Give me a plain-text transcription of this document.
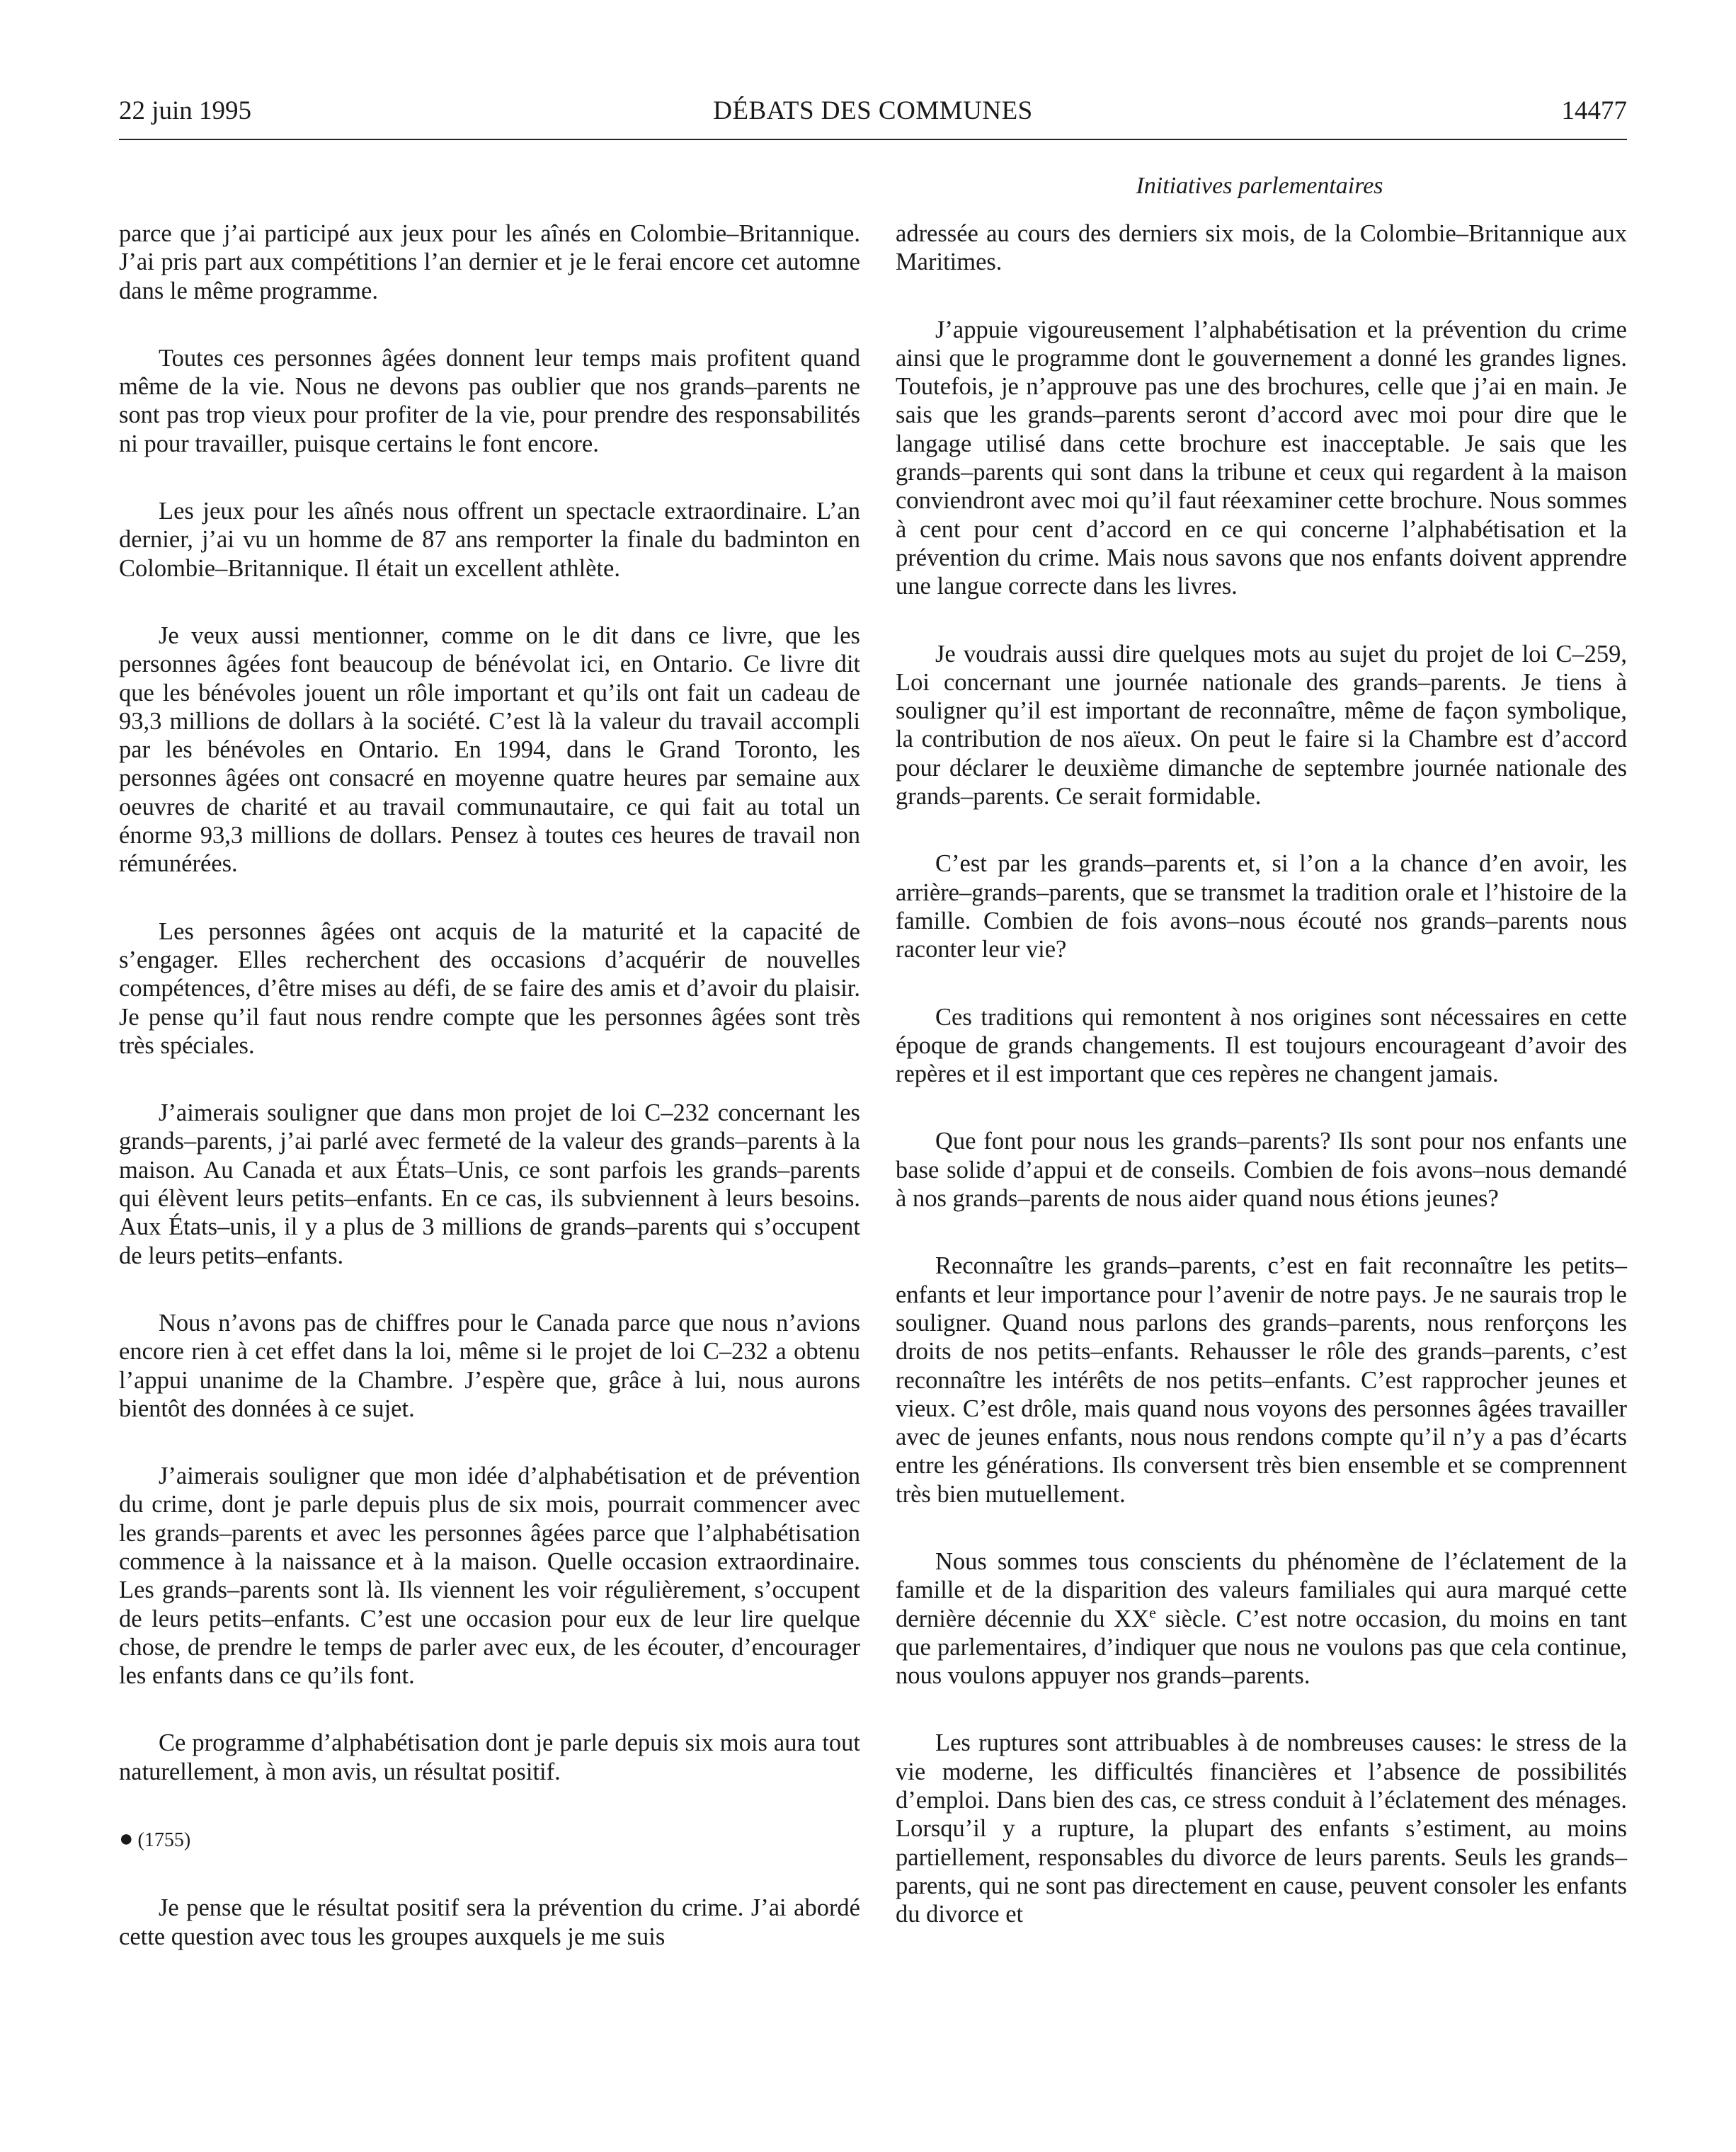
22 juin 1995	DÉBATS DES COMMUNES	14477
Initiatives parlementaires

parce que j’ai participé aux jeux pour les aînés en Colombie–Britannique. J’ai pris part aux compétitions l’an dernier et je le ferai encore cet automne dans le même programme.

Toutes ces personnes âgées donnent leur temps mais profitent quand même de la vie. Nous ne devons pas oublier que nos grands–parents ne sont pas trop vieux pour profiter de la vie, pour prendre des responsabilités ni pour travailler, puisque certains le font encore.

Les jeux pour les aînés nous offrent un spectacle extraordinaire. L’an dernier, j’ai vu un homme de 87 ans remporter la finale du badminton en Colombie–Britannique. Il était un excellent athlète.

Je veux aussi mentionner, comme on le dit dans ce livre, que les personnes âgées font beaucoup de bénévolat ici, en Ontario. Ce livre dit que les bénévoles jouent un rôle important et qu’ils ont fait un cadeau de 93,3 millions de dollars à la société. C’est là la valeur du travail accompli par les bénévoles en Ontario. En 1994, dans le Grand Toronto, les personnes âgées ont consacré en moyenne quatre heures par semaine aux oeuvres de charité et au travail communautaire, ce qui fait au total un énorme 93,3 millions de dollars. Pensez à toutes ces heures de travail non rémunérées.

Les personnes âgées ont acquis de la maturité et la capacité de s’engager. Elles recherchent des occasions d’acquérir de nouvelles compétences, d’être mises au défi, de se faire des amis et d’avoir du plaisir. Je pense qu’il faut nous rendre compte que les personnes âgées sont très très spéciales.

J’aimerais souligner que dans mon projet de loi C–232 concernant les grands–parents, j’ai parlé avec fermeté de la valeur des grands–parents à la maison. Au Canada et aux États–Unis, ce sont parfois les grands–parents qui élèvent leurs petits–enfants. En ce cas, ils subviennent à leurs besoins. Aux États–unis, il y a plus de 3 millions de grands–parents qui s’occupent de leurs petits–enfants.

Nous n’avons pas de chiffres pour le Canada parce que nous n’avions encore rien à cet effet dans la loi, même si le projet de loi C–232 a obtenu l’appui unanime de la Chambre. J’espère que, grâce à lui, nous aurons bientôt des données à ce sujet.

J’aimerais souligner que mon idée d’alphabétisation et de prévention du crime, dont je parle depuis plus de six mois, pourrait commencer avec les grands–parents et avec les personnes âgées parce que l’alphabétisation commence à la naissance et à la maison. Quelle occasion extraordinaire. Les grands–parents sont là. Ils viennent les voir régulièrement, s’occupent de leurs petits–enfants. C’est une occasion pour eux de leur lire quelque chose, de prendre le temps de parler avec eux, de les écouter, d’encourager les enfants dans ce qu’ils font.

Ce programme d’alphabétisation dont je parle depuis six mois aura tout naturellement, à mon avis, un résultat positif.

● (1755)

Je pense que le résultat positif sera la prévention du crime. J’ai abordé cette question avec tous les groupes auxquels je me suis

adressée au cours des derniers six mois, de la Colombie–Britannique aux Maritimes.

J’appuie vigoureusement l’alphabétisation et la prévention du crime ainsi que le programme dont le gouvernement a donné les grandes lignes. Toutefois, je n’approuve pas une des brochures, celle que j’ai en main. Je sais que les grands–parents seront d’accord avec moi pour dire que le langage utilisé dans cette brochure est inacceptable. Je sais que les grands–parents qui sont dans la tribune et ceux qui regardent à la maison conviendront avec moi qu’il faut réexaminer cette brochure. Nous sommes à cent pour cent d’accord en ce qui concerne l’alphabétisation et la prévention du crime. Mais nous savons que nos enfants doivent apprendre une langue correcte dans les livres.

Je voudrais aussi dire quelques mots au sujet du projet de loi C–259, Loi concernant une journée nationale des grands–parents. Je tiens à souligner qu’il est important de reconnaître, même de façon symbolique, la contribution de nos aïeux. On peut le faire si la Chambre est d’accord pour déclarer le deuxième dimanche de septembre journée nationale des grands–parents. Ce serait formidable.

C’est par les grands–parents et, si l’on a la chance d’en avoir, les arrière–grands–parents, que se transmet la tradition orale et l’histoire de la famille. Combien de fois avons–nous écouté nos grands–parents nous raconter leur vie?

Ces traditions qui remontent à nos origines sont nécessaires en cette époque de grands changements. Il est toujours encourageant d’avoir des repères et il est important que ces repères ne changent jamais.

Que font pour nous les grands–parents? Ils sont pour nos enfants une base solide d’appui et de conseils. Combien de fois avons–nous demandé à nos grands–parents de nous aider quand nous étions jeunes?

Reconnaître les grands–parents, c’est en fait reconnaître les petits–enfants et leur importance pour l’avenir de notre pays. Je ne saurais trop le souligner. Quand nous parlons des grands–parents, nous renforçons les droits de nos petits–enfants. Rehausser le rôle des grands–parents, c’est reconnaître les intérêts de nos petits–enfants. C’est rapprocher jeunes et vieux. C’est drôle, mais quand nous voyons des personnes âgées travailler avec de jeunes enfants, nous nous rendons compte qu’il n’y a pas d’écarts entre les générations. Ils conversent très bien ensemble et se comprennent très bien mutuellement.

Nous sommes tous conscients du phénomène de l’éclatement de la famille et de la disparition des valeurs familiales qui aura marqué cette dernière décennie du XXe siècle. C’est notre occasion, du moins en tant que parlementaires, d’indiquer que nous ne voulons pas que cela continue, nous voulons appuyer nos grands–parents.

Les ruptures sont attribuables à de nombreuses causes: le stress de la vie moderne, les difficultés financières et l’absence de possibilités d’emploi. Dans bien des cas, ce stress conduit à l’éclatement des ménages. Lorsqu’il y a rupture, la plupart des enfants s’estiment, au moins partiellement, responsables du divorce de leurs parents. Seuls les grands–parents, qui ne sont pas directement en cause, peuvent consoler les enfants du divorce et
